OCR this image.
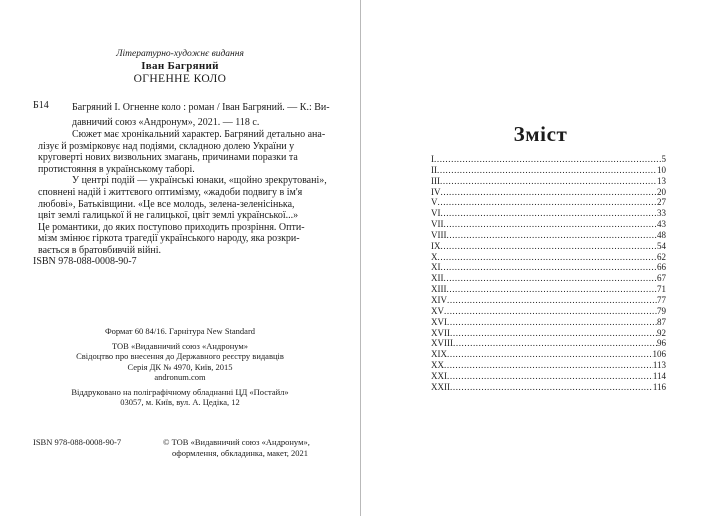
Літературно-художнє видання
Іван Багряний
ОГНЕННЕ КОЛО
Б14 Багряний І. Огненне коло : роман / Іван Багряний. — К.: Ви-
давничий союз «Андронум», 2021. — 118 с.
Сюжет має хронікальний характер. Багряний детально ана-
лізує й розмірковує над подіями, складною долею України у
круговерті нових визвольних змагань, причинами поразки та
протистояння в українському таборі.
У центрі подій — українські юнаки, «щойно зрекрутовані»,
сповнені надій і життєвого оптимізму, «жадоби подвигу в ім'я
любові», Батьківщини. «Це все молодь, зелена-зеленісінька,
цвіт землі галицької й не галицької, цвіт землі української...»
Це романтики, до яких поступово приходить прозріння. Опти-
мізм змінює гіркота трагедії українського народу, яка розкри-
вається в братовбивчій війні.
ISBN 978-088-0008-90-7
Формат 60 84/16. Гарнітура New Standard
ТОВ «Видавничий союз «Андронум»
Свідоцтво про внесення до Державного реєстру видавців
Серія ДК № 4970, Київ, 2015
andronum.com
Віддруковано на поліграфічному обладнанні ЦД «Постайл»
03057, м. Київ, вул. А. Цедіка, 12
ISBN 978-088-0008-90-7	© ТОВ «Видавничий союз «Андронум»,
оформлення, обкладинка, макет, 2021
Зміст
I .....	5
II .....	10
III .....	13
IV .....	20
V .....	27
VI .....	33
VII .....	43
VIII .....	48
IX .....	54
X .....	62
XI .....	66
XII .....	67
XIII .....	71
XIV .....	77
XV .....	79
XVI .....	87
XVII .....	92
XVIII .....	96
XIX .....	106
XX .....	113
XXI .....	114
XXII .....	116
